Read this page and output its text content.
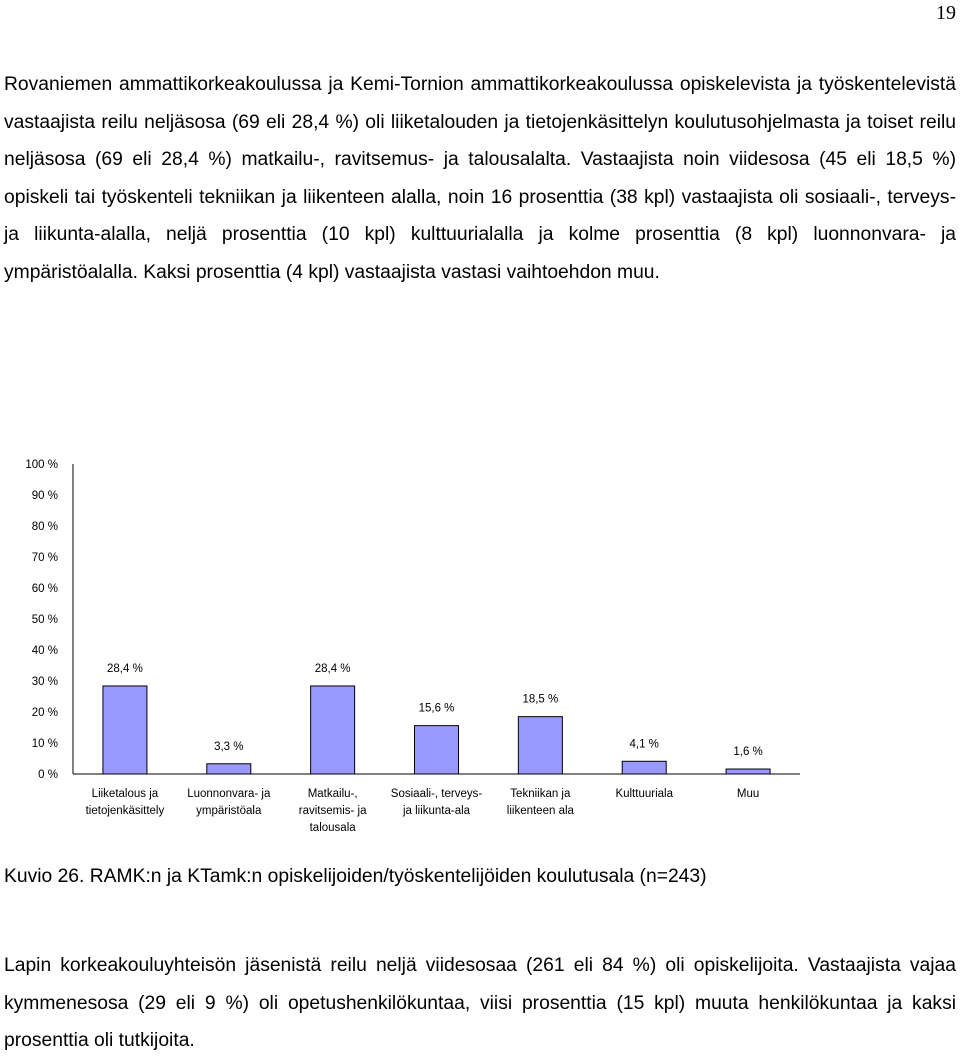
19

Rovaniemen ammattikorkeakoulussa ja Kemi-Tornion ammattikorkeakoulussa opiskelevista ja työskentelevistä vastaajista reilu neljäsosa (69 eli 28,4 %) oli liiketalouden ja tietojenkäsittelyn koulutusohjelmasta ja toiset reilu neljäsosa (69 eli 28,4 %) matkailu-, ravitsemus- ja talousalalta. Vastaajista noin viidesosa (45 eli 18,5 %) opiskeli tai työskenteli tekniikan ja liikenteen alalla, noin 16 prosenttia (38 kpl) vastaajista oli sosiaali-, terveys- ja liikunta-alalla, neljä prosenttia (10 kpl) kulttuurialalla ja kolme prosenttia (8 kpl) luonnonvara- ja ympäristöalalla. Kaksi prosenttia (4 kpl) vastaajista vastasi vaihtoehdon muu.

0 %
10 %
20 %
30 %
40 %
50 %
60 %
70 %
80 %
90 %
100 %
28,4 %
Liiketalous ja
tietojenkäsittely
3,3 %
Luonnonvara- ja
ympäristöala
28,4 %
Matkailu-,
ravitsemis- ja
talousala
15,6 %
Sosiaali-, terveys-
ja liikunta-ala
18,5 %
Tekniikan ja
liikenteen ala
4,1 %
Kulttuuriala
1,6 %
Muu

Kuvio 26. RAMK:n ja KTamk:n opiskelijoiden/työskentelijöiden koulutusala (n=243)

Lapin korkeakouluyhteisön jäsenistä reilu neljä viidesosaa (261 eli 84 %) oli opiskelijoita. Vastaajista vajaa kymmenesosa (29 eli 9 %) oli opetushenkilökuntaa, viisi prosenttia (15 kpl) muuta henkilökuntaa ja kaksi prosenttia oli tutkijoita.
